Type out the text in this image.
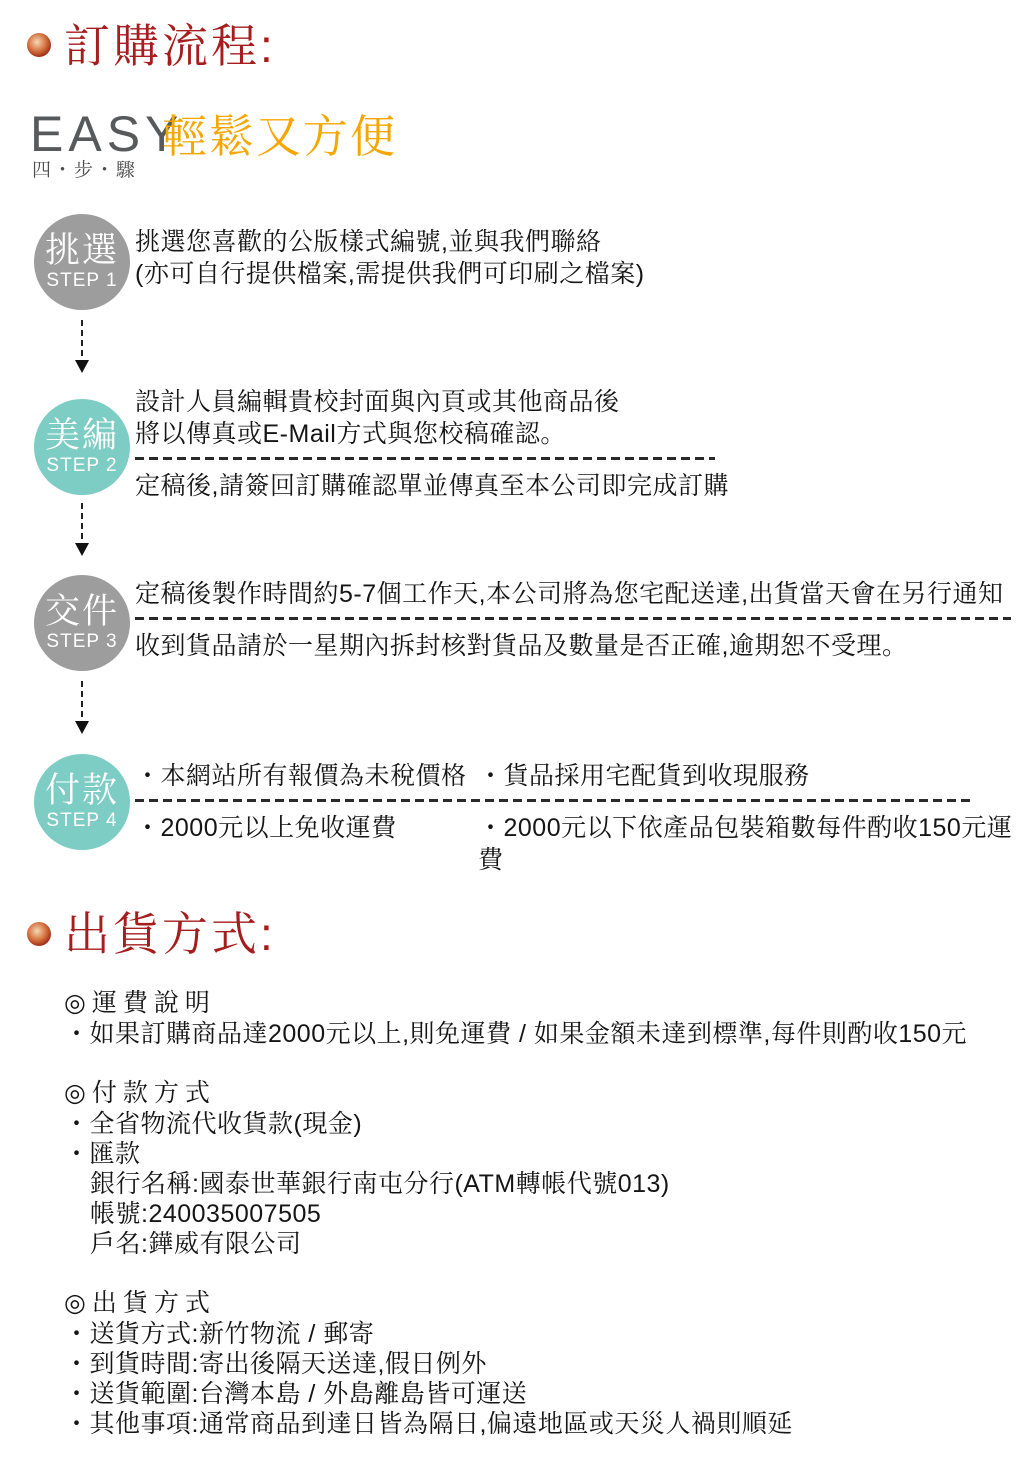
訂購流程:
EASY
四・步・驟
輕鬆又方便
挑選
STEP 1
挑選您喜歡的公版樣式編號,並與我們聯絡
(亦可自行提供檔案,需提供我們可印刷之檔案)
美編
STEP 2
設計人員編輯貴校封面與內頁或其他商品後
將以傳真或E-Mail方式與您校稿確認。
定稿後,請簽回訂購確認單並傳真至本公司即完成訂購
交件
STEP 3
定稿後製作時間約5-7個工作天,本公司將為您宅配送達,出貨當天會在另行通知
收到貨品請於一星期內拆封核對貨品及數量是否正確,逾期恕不受理。
付款
STEP 4
・本網站所有報價為未稅價格 ・貨品採用宅配貨到收現服務
・2000元以上免收運費	・2000元以下依產品包裝箱數每件酌收150元運費
出貨方式:
◎運費說明
・如果訂購商品達2000元以上,則免運費 / 如果金額未達到標準,每件則酌收150元
◎付款方式
・全省物流代收貨款(現金)
・匯款
銀行名稱:國泰世華銀行南屯分行(ATM轉帳代號013)
帳號:240035007505
戶名:鏵威有限公司
◎出貨方式
・送貨方式:新竹物流 / 郵寄
・到貨時間:寄出後隔天送達,假日例外
・送貨範圍:台灣本島 / 外島離島皆可運送
・其他事項:通常商品到達日皆為隔日,偏遠地區或天災人禍則順延
